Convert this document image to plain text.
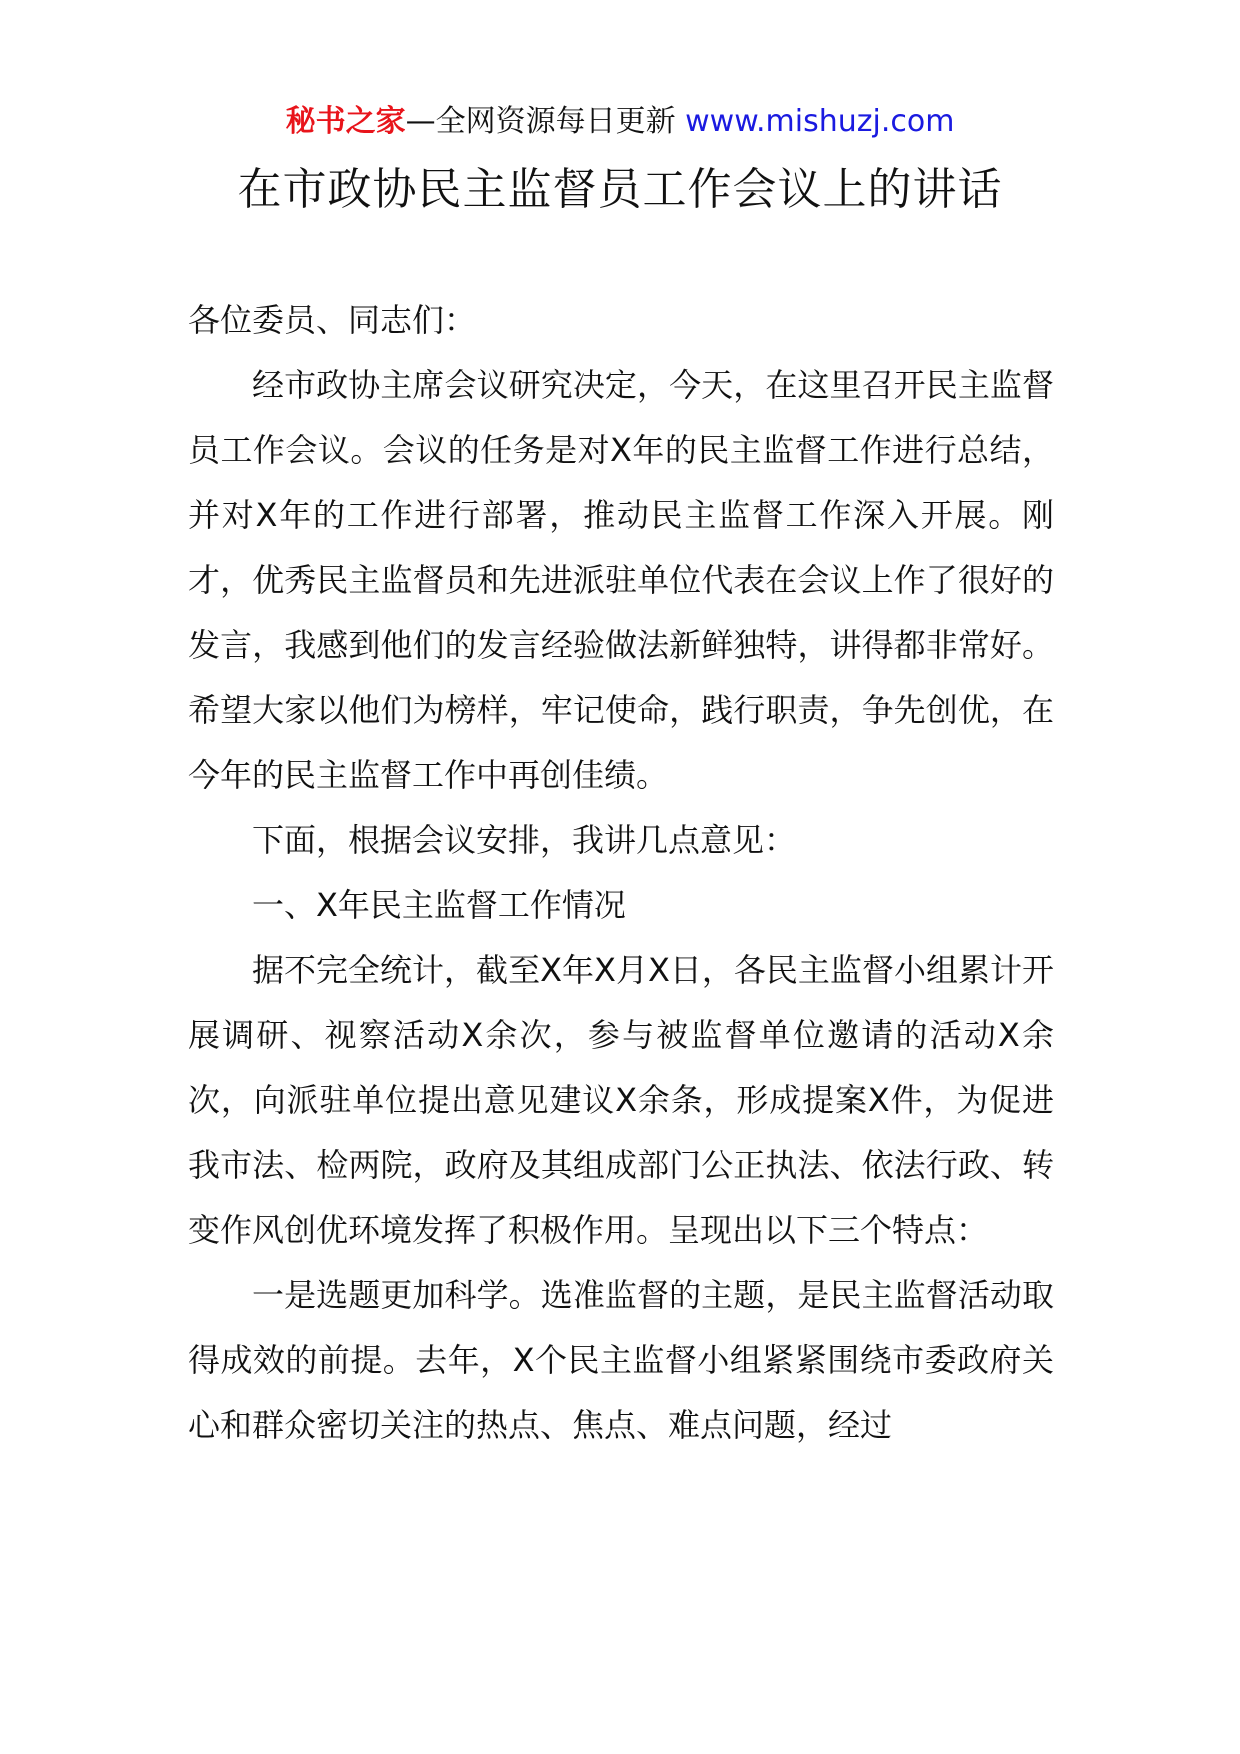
秘书之家—全网资源每日更新 www.mishuzj.com
在市政协民主监督员工作会议上的讲话

各位委员、同志们：

经市政协主席会议研究决定，今天，在这里召开民主监督员工作会议。会议的任务是对X年的民主监督工作进行总结，并对X年的工作进行部署，推动民主监督工作深入开展。刚才，优秀民主监督员和先进派驻单位代表在会议上作了很好的发言，我感到他们的发言经验做法新鲜独特，讲得都非常好。希望大家以他们为榜样，牢记使命，践行职责，争先创优，在今年的民主监督工作中再创佳绩。

下面，根据会议安排，我讲几点意见：

一、X年民主监督工作情况

据不完全统计，截至X年X月X日，各民主监督小组累计开展调研、视察活动X余次，参与被监督单位邀请的活动X余次，向派驻单位提出意见建议X余条，形成提案X件，为促进我市法、检两院，政府及其组成部门公正执法、依法行政、转变作风创优环境发挥了积极作用。呈现出以下三个特点：

一是选题更加科学。选准监督的主题，是民主监督活动取得成效的前提。去年，X个民主监督小组紧紧围绕市委政府关心和群众密切关注的热点、焦点、难点问题，经过
